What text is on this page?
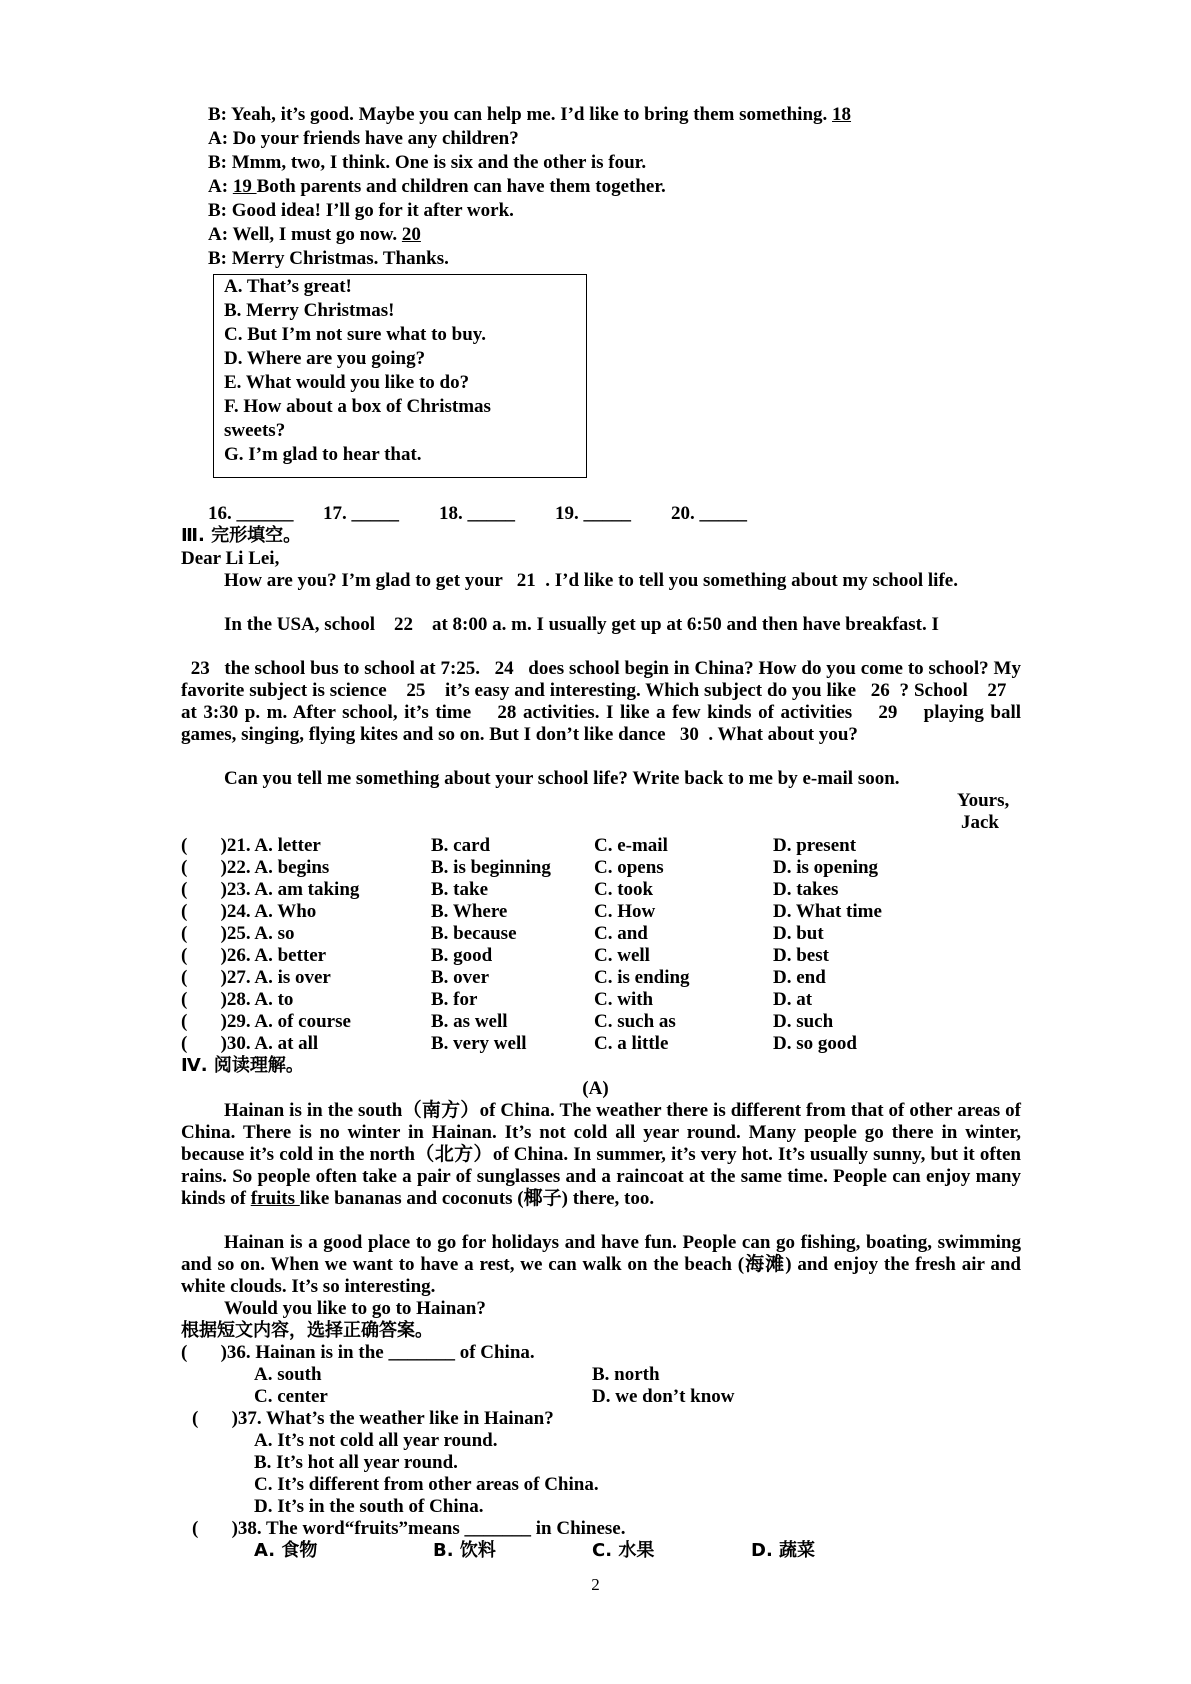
B: Yeah, it’s good. Maybe you can help me. I’d like to bring them something. 18
A: Do your friends have any children?
B: Mmm, two, I think. One is six and the other is four.
A: 19 Both parents and children can have them together.
B: Good idea! I’ll go for it after work.
A: Well, I must go now. 20
B: Merry Christmas. Thanks.
A. That’s great!
B. Merry Christmas!
C. But I’m not sure what to buy.
D. Where are you going?
E. What would you like to do?
F. How about a box of Christmas
sweets?
G. I’m glad to hear that.
16. ______ 17. _____ 18. _____ 19. _____ 20. _____
Ⅲ. 完形填空。
Dear Li Lei,
How are you? I’m glad to get your   21  . I’d like to tell you something about my school life.
In the USA, school    22    at 8:00 a. m. I usually get up at 6:50 and then have breakfast. I
23   the school bus to school at 7:25.   24   does school begin in China? How do you come to school? My favorite subject is science    25    it’s easy and interesting. Which subject do you like   26  ? School    27    at 3:30 p. m. After school, it’s time    28 activities. I like a few kinds of activities    29    playing ball games, singing, flying kites and so on. But I don’t like dance   30  . What about you?
Can you tell me something about your school life? Write back to me by e-mail soon.
Yours,
Jack
(       )21. A. letter	B. card	C. e-mail	D. present
(       )22. A. begins	B. is beginning C. opens	D. is opening
(       )23. A. am taking	B. take	C. took	D. takes
(       )24. A. Who	B. Where	C. How	D. What time
(       )25. A. so	B. because	C. and	D. but
(       )26. A. better	B. good	C. well	D. best
(       )27. A. is over	B. over	C. is ending	D. end
(       )28. A. to	B. for	C. with	D. at
(       )29. A. of course	B. as well	C. such as	D. such
(       )30. A. at all	B. very well	C. a little	D. so good
Ⅳ. 阅读理解。
(A)
Hainan is in the south（南方）of China. The weather there is different from that of other areas of China. There is no winter in Hainan. It’s not cold all year round. Many people go there in winter, because it’s cold in the north（北方）of China. In summer, it’s very hot. It’s usually sunny, but it often rains. So people often take a pair of sunglasses and a raincoat at the same time. People can enjoy many kinds of fruits like bananas and coconuts (椰子) there, too.
Hainan is a good place to go for holidays and have fun. People can go fishing, boating, swimming and so on. When we want to have a rest, we can walk on the beach (海滩) and enjoy the fresh air and white clouds. It’s so interesting.
Would you like to go to Hainan?
根据短文内容，选择正确答案。
(       )36. Hainan is in the _______ of China.
A. south	B. north
C. center	D. we don’t know
(       )37. What’s the weather like in Hainan?
A. It’s not cold all year round.
B. It’s hot all year round.
C. It’s different from other areas of China.
D. It’s in the south of China.
(       )38. The word“fruits”means _______ in Chinese.
A. 食物	B. 饮料	C. 水果	D. 蔬菜
2
